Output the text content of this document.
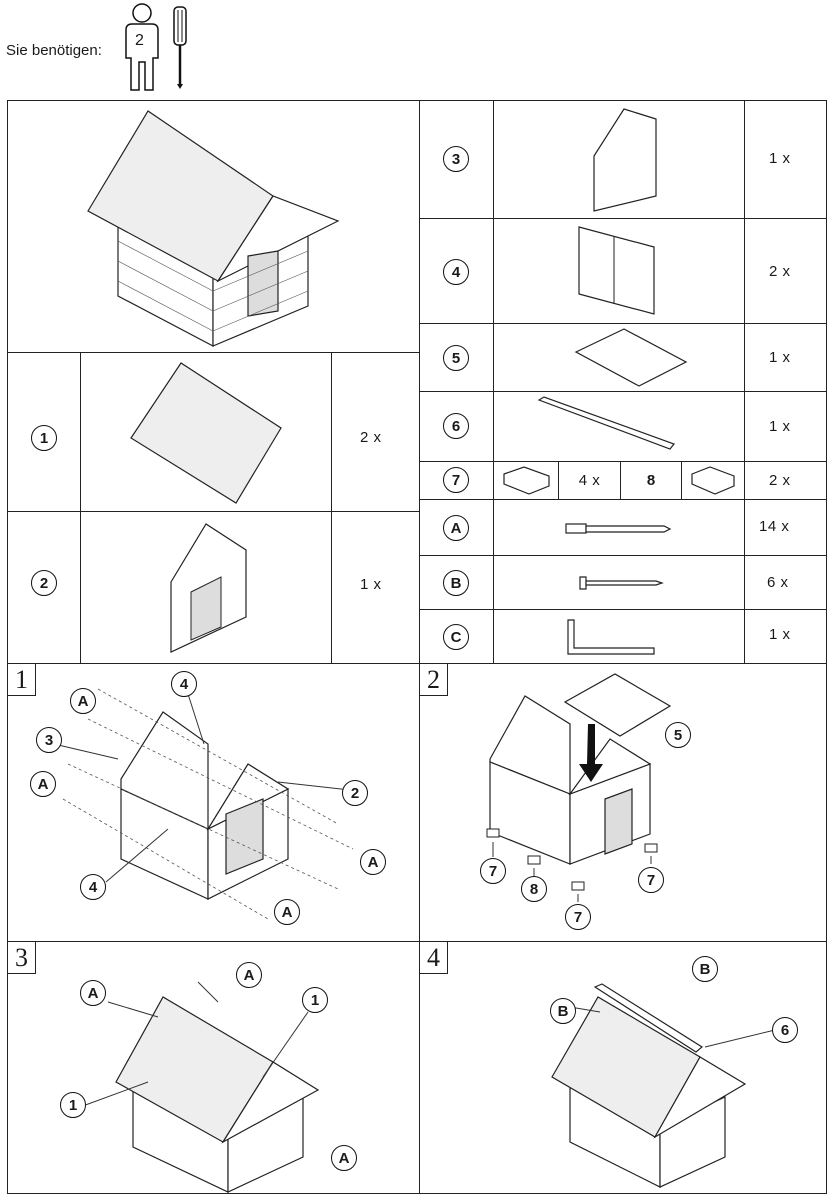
Sie benötigen:
2
1	2 x
2	1 x
3	1 x
4	2 x
5	1 x
6	1 x
7	4 x	8	2 x
A	14 x
B	6 x
C	1 x
1
A
4
3
A
2
A
4
A
2
5
7
8
7
7
3
A
A
1
1
A
4	B
B
6
